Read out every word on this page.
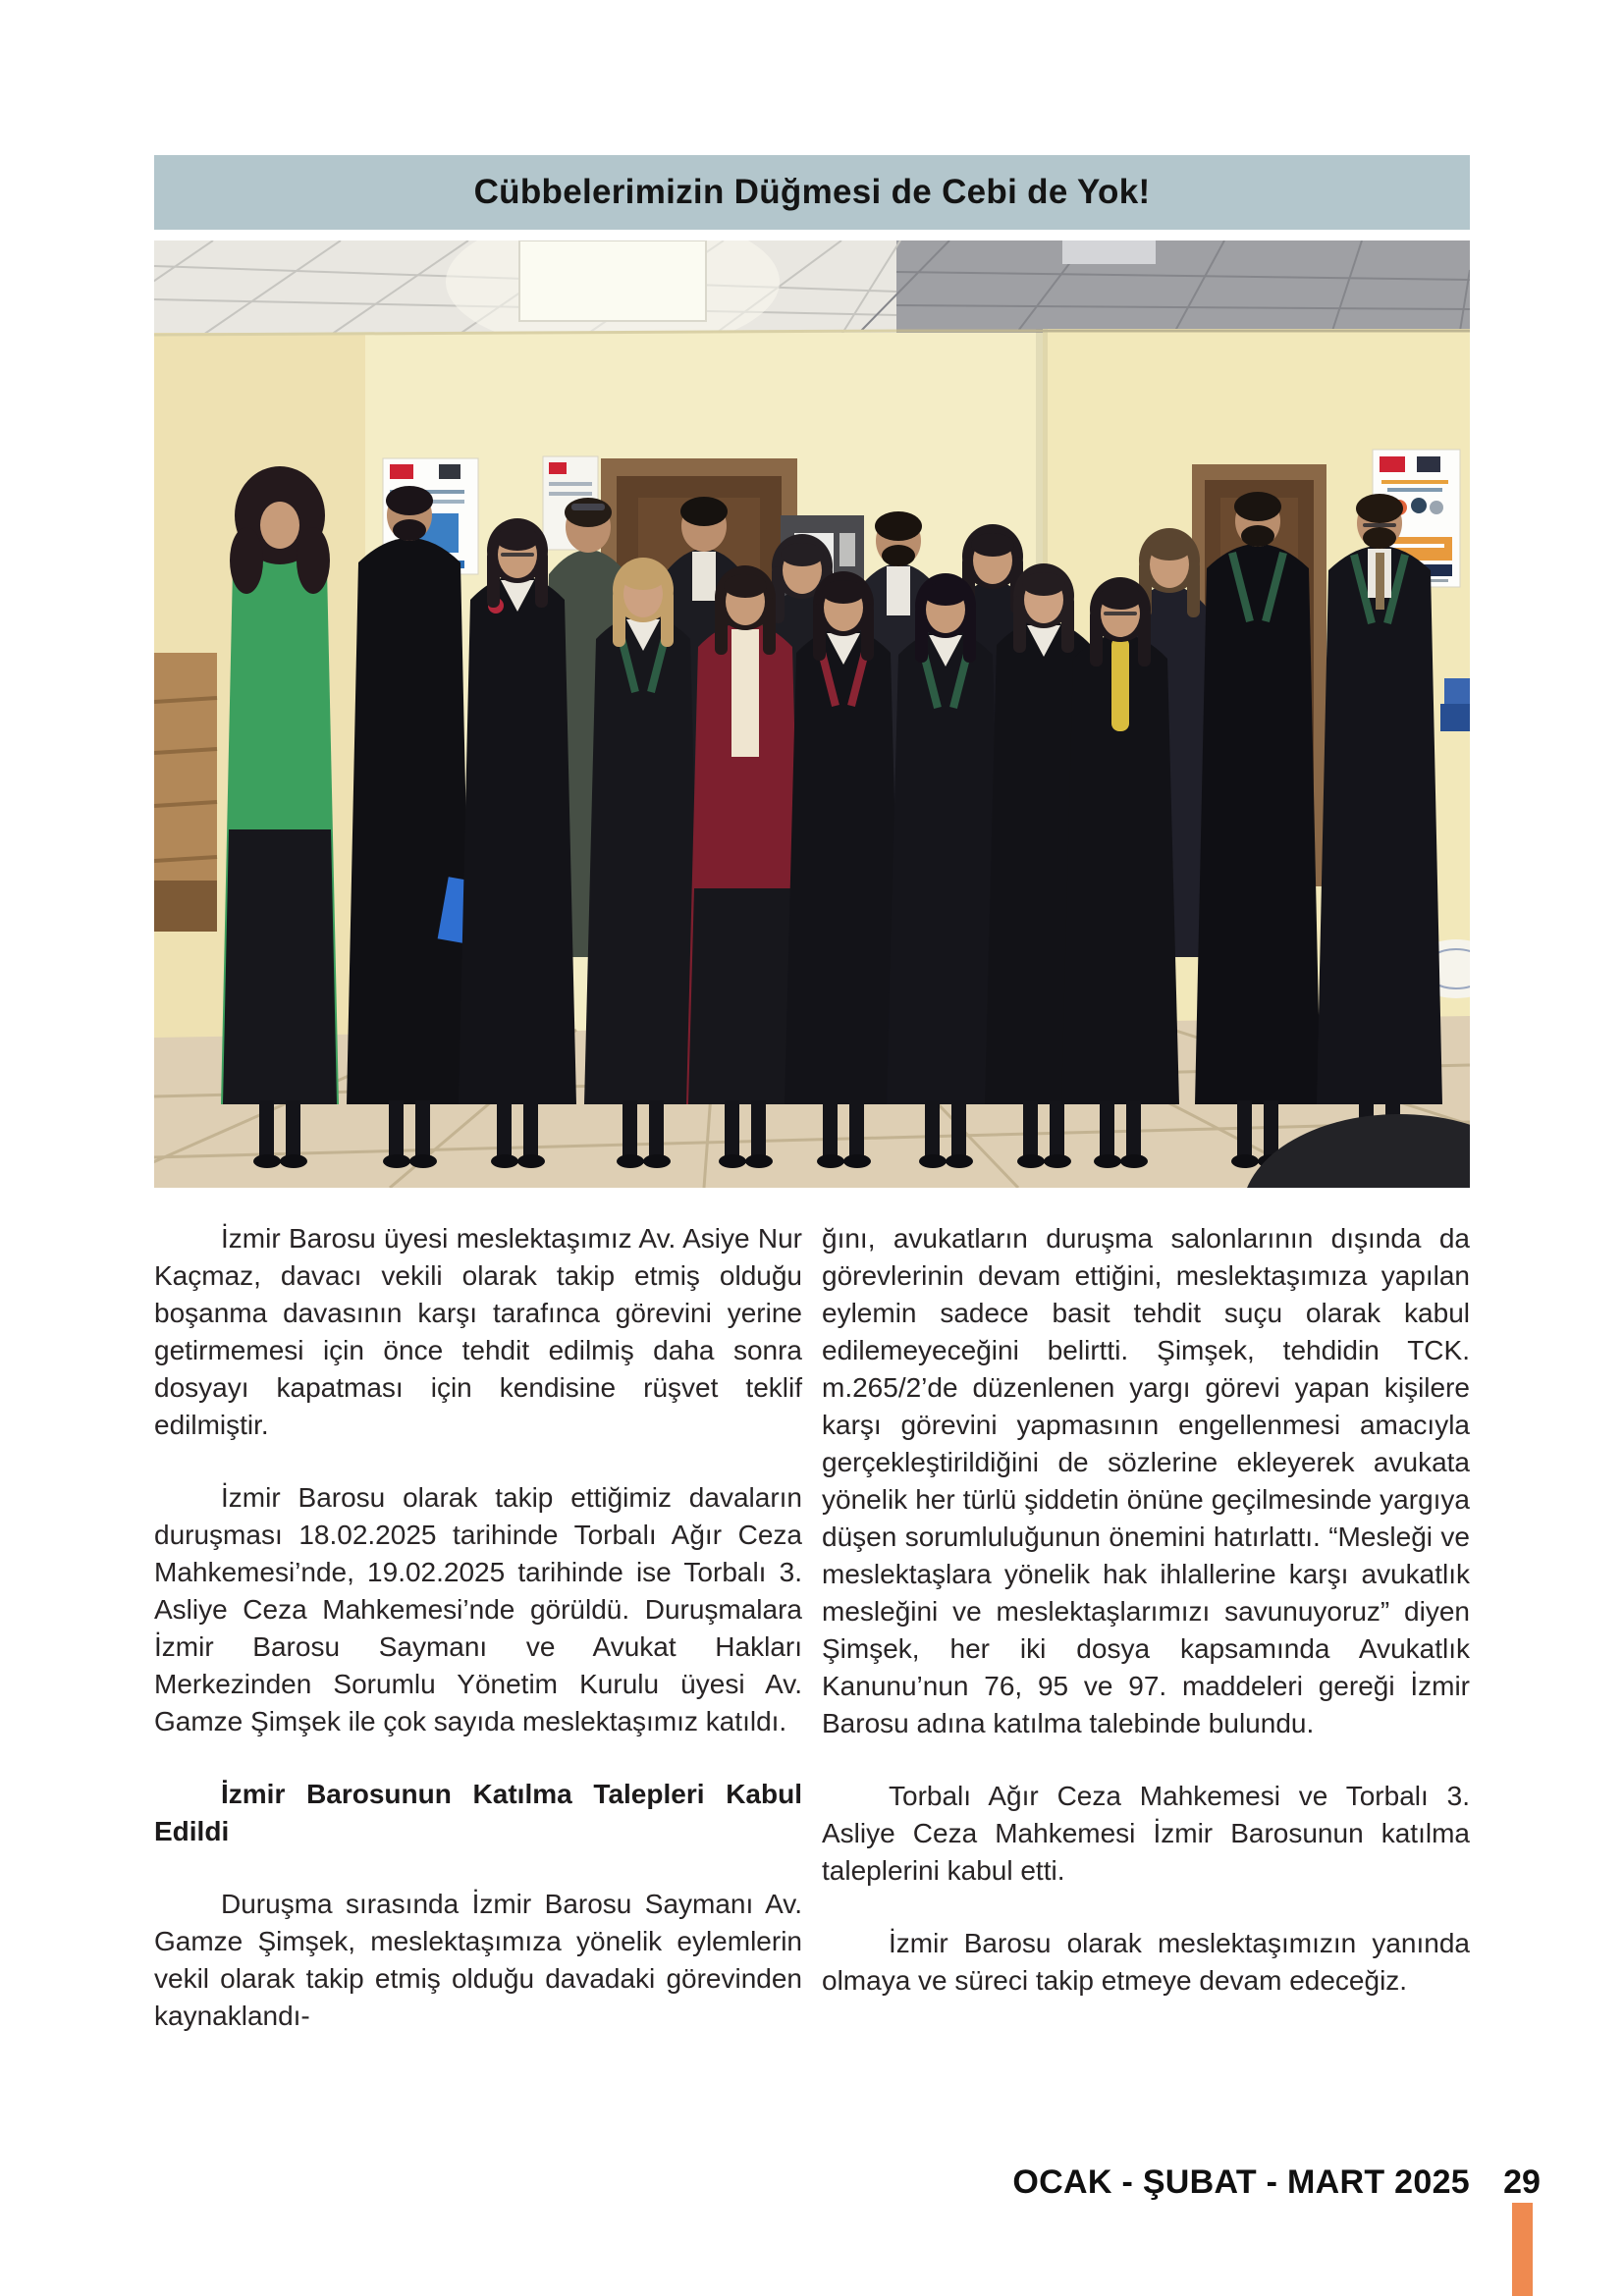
Cübbelerimizin Düğmesi de Cebi de Yok!

İzmir Barosu üyesi meslektaşımız Av. Asiye Nur Kaçmaz, davacı vekili olarak takip etmiş olduğu boşanma davasının karşı tarafınca görevini yerine getirmemesi için önce tehdit edilmiş daha sonra dosyayı kapatması için kendisine rüşvet teklif edilmiştir.

İzmir Barosu olarak takip ettiğimiz davaların duruşması 18.02.2025 tarihinde Torbalı Ağır Ceza Mahkemesi’nde, 19.02.2025 tarihinde ise Torbalı 3. Asliye Ceza Mahkemesi’nde görüldü. Duruşmalara İzmir Barosu Saymanı ve Avukat Hakları Merkezinden Sorumlu Yönetim Kurulu üyesi Av. Gamze Şimşek ile çok sayıda meslektaşımız katıldı.

İzmir Barosunun Katılma Talepleri Kabul Edildi

Duruşma sırasında İzmir Barosu Saymanı Av. Gamze Şimşek, meslektaşımıza yönelik eylemlerin vekil olarak takip etmiş olduğu davadaki görevinden kaynaklandı-

ğını, avukatların duruşma salonlarının dışında da görevlerinin devam ettiğini, meslektaşımıza yapılan eylemin sadece basit tehdit suçu olarak kabul edilemeyeceğini belirtti. Şimşek, tehdidin TCK. m.265/2’de düzenlenen yargı görevi yapan kişilere karşı görevini yapmasının engellenmesi amacıyla gerçekleştirildiğini de sözlerine ekleyerek avukata yönelik her türlü şiddetin önüne geçilmesinde yargıya düşen sorumluluğunun önemini hatırlattı. “Mesleği ve meslektaşlara yönelik hak ihlallerine karşı avukatlık mesleğini ve meslektaşlarımızı savunuyoruz” diyen Şimşek, her iki dosya kapsamında Avukatlık Kanunu’nun 76, 95 ve 97. maddeleri gereği İzmir Barosu adına katılma talebinde bulundu.

Torbalı Ağır Ceza Mahkemesi ve Torbalı 3. Asliye Ceza Mahkemesi İzmir Barosunun katılma taleplerini kabul etti.

İzmir Barosu olarak meslektaşımızın yanında olmaya ve süreci takip etmeye devam edeceğiz.

OCAK - ŞUBAT - MART 2025 29
